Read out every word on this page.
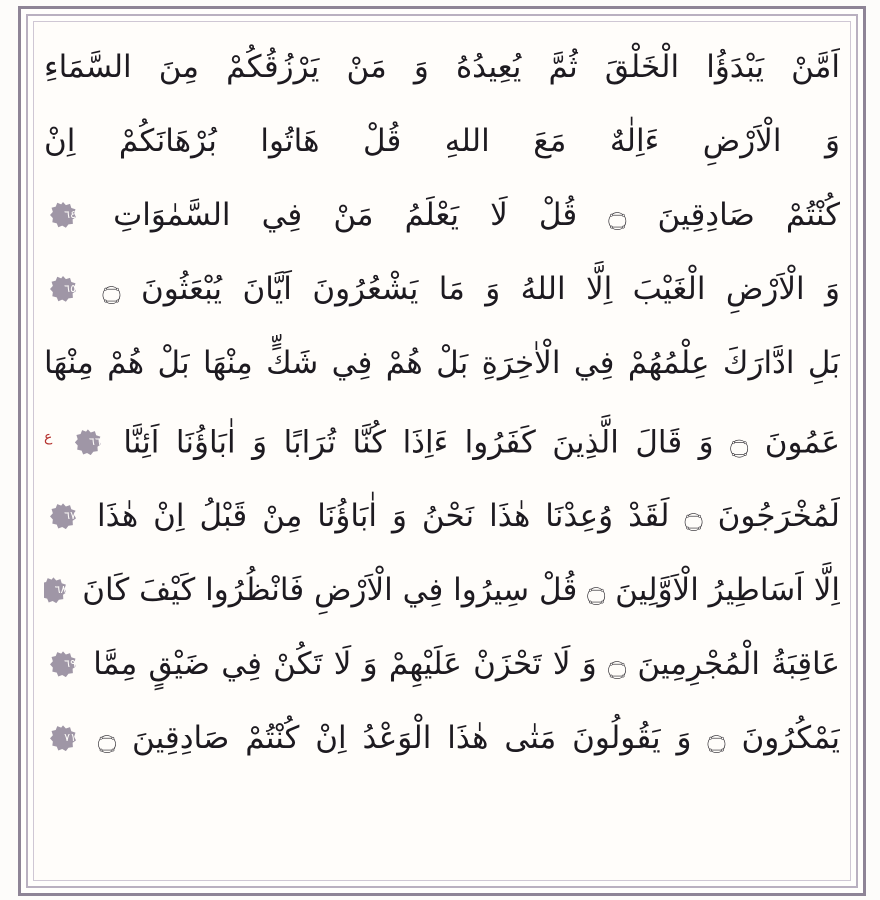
اَمَّنْ يَبْدَؤُا الْخَلْقَ ثُمَّ يُعِيدُهُ وَ مَنْ يَرْزُقُكُمْ مِنَ السَّمَاءِ
وَ الْاَرْضِ ءَاِلٰهٌ مَعَ اللهِ قُلْ هَاتُوا بُرْهَانَكُمْ اِنْ
كُنْتُمْ صَادِقِينَ ۝ قُلْ لَا يَعْلَمُ مَنْ فِي السَّمٰوَاتِ
٦٤
وَ الْاَرْضِ الْغَيْبَ اِلَّا اللهُ وَ مَا يَشْعُرُونَ اَيَّانَ يُبْعَثُونَ ۝
٦٥
بَلِ ادَّارَكَ عِلْمُهُمْ فِي الْاٰخِرَةِ بَلْ هُمْ فِي شَكٍّ مِنْهَا بَلْ هُمْ مِنْهَا
عَمُونَ ۝ وَ قَالَ الَّذِينَ كَفَرُوا ءَاِذَا كُنَّا تُرَابًا وَ اٰبَاؤُنَا اَئِنَّا
٦٦
$^ع$
لَمُخْرَجُونَ ۝ لَقَدْ وُعِدْنَا هٰذَا نَحْنُ وَ اٰبَاؤُنَا مِنْ قَبْلُ اِنْ هٰذَا
٦٧
اِلَّا اَسَاطِيرُ الْاَوَّلِينَ ۝ قُلْ سِيرُوا فِي الْاَرْضِ فَانْظُرُوا كَيْفَ كَانَ
٦٨
عَاقِبَةُ الْمُجْرِمِينَ ۝ وَ لَا تَحْزَنْ عَلَيْهِمْ وَ لَا تَكُنْ فِي ضَيْقٍ مِمَّا
٦٩
يَمْكُرُونَ ۝ وَ يَقُولُونَ مَتٰى هٰذَا الْوَعْدُ اِنْ كُنْتُمْ صَادِقِينَ ۝
٧١
